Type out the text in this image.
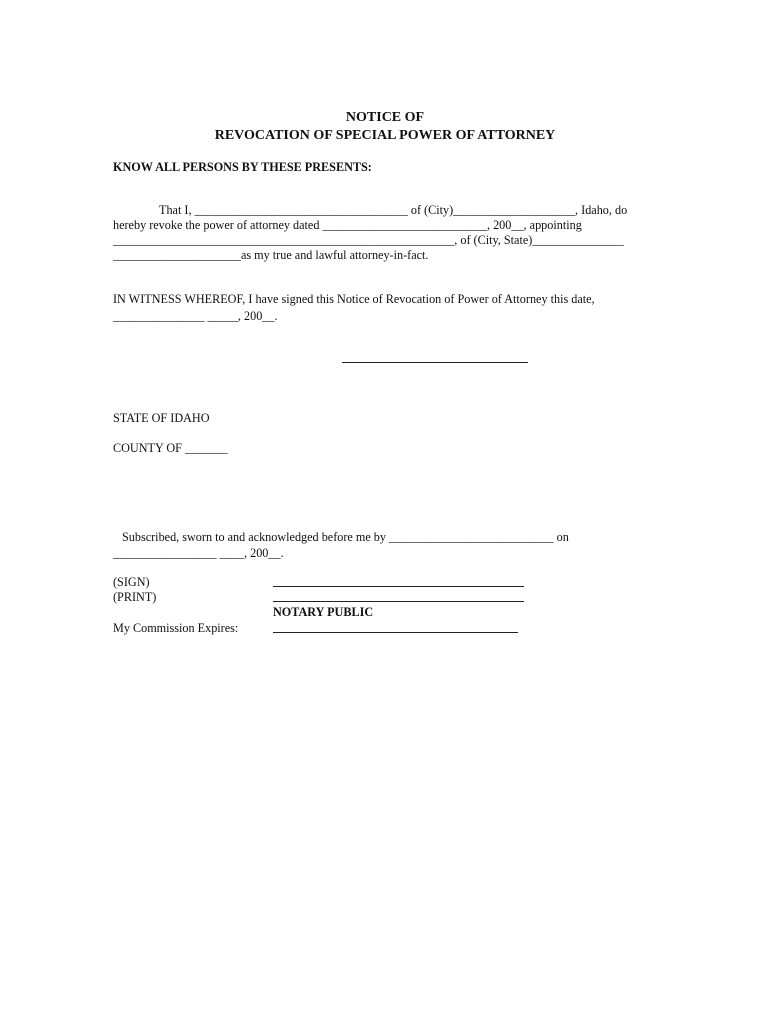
NOTICE OF
REVOCATION OF SPECIAL POWER OF ATTORNEY
KNOW ALL PERSONS BY THESE PRESENTS:
That I, ___________________________________ of (City)____________________, Idaho, do
hereby revoke the power of attorney dated ___________________________, 200__, appointing
________________________________________________________, of (City, State)_______________
_____________________as my true and lawful attorney-in-fact.
IN WITNESS WHEREOF, I have signed this Notice of Revocation of Power of Attorney this date,
_______________ _____, 200__.
STATE OF IDAHO
COUNTY OF _______
Subscribed, sworn to and acknowledged before me by ___________________________ on
_________________ ____, 200__.
(SIGN)
(PRINT)
NOTARY PUBLIC
My Commission Expires:
